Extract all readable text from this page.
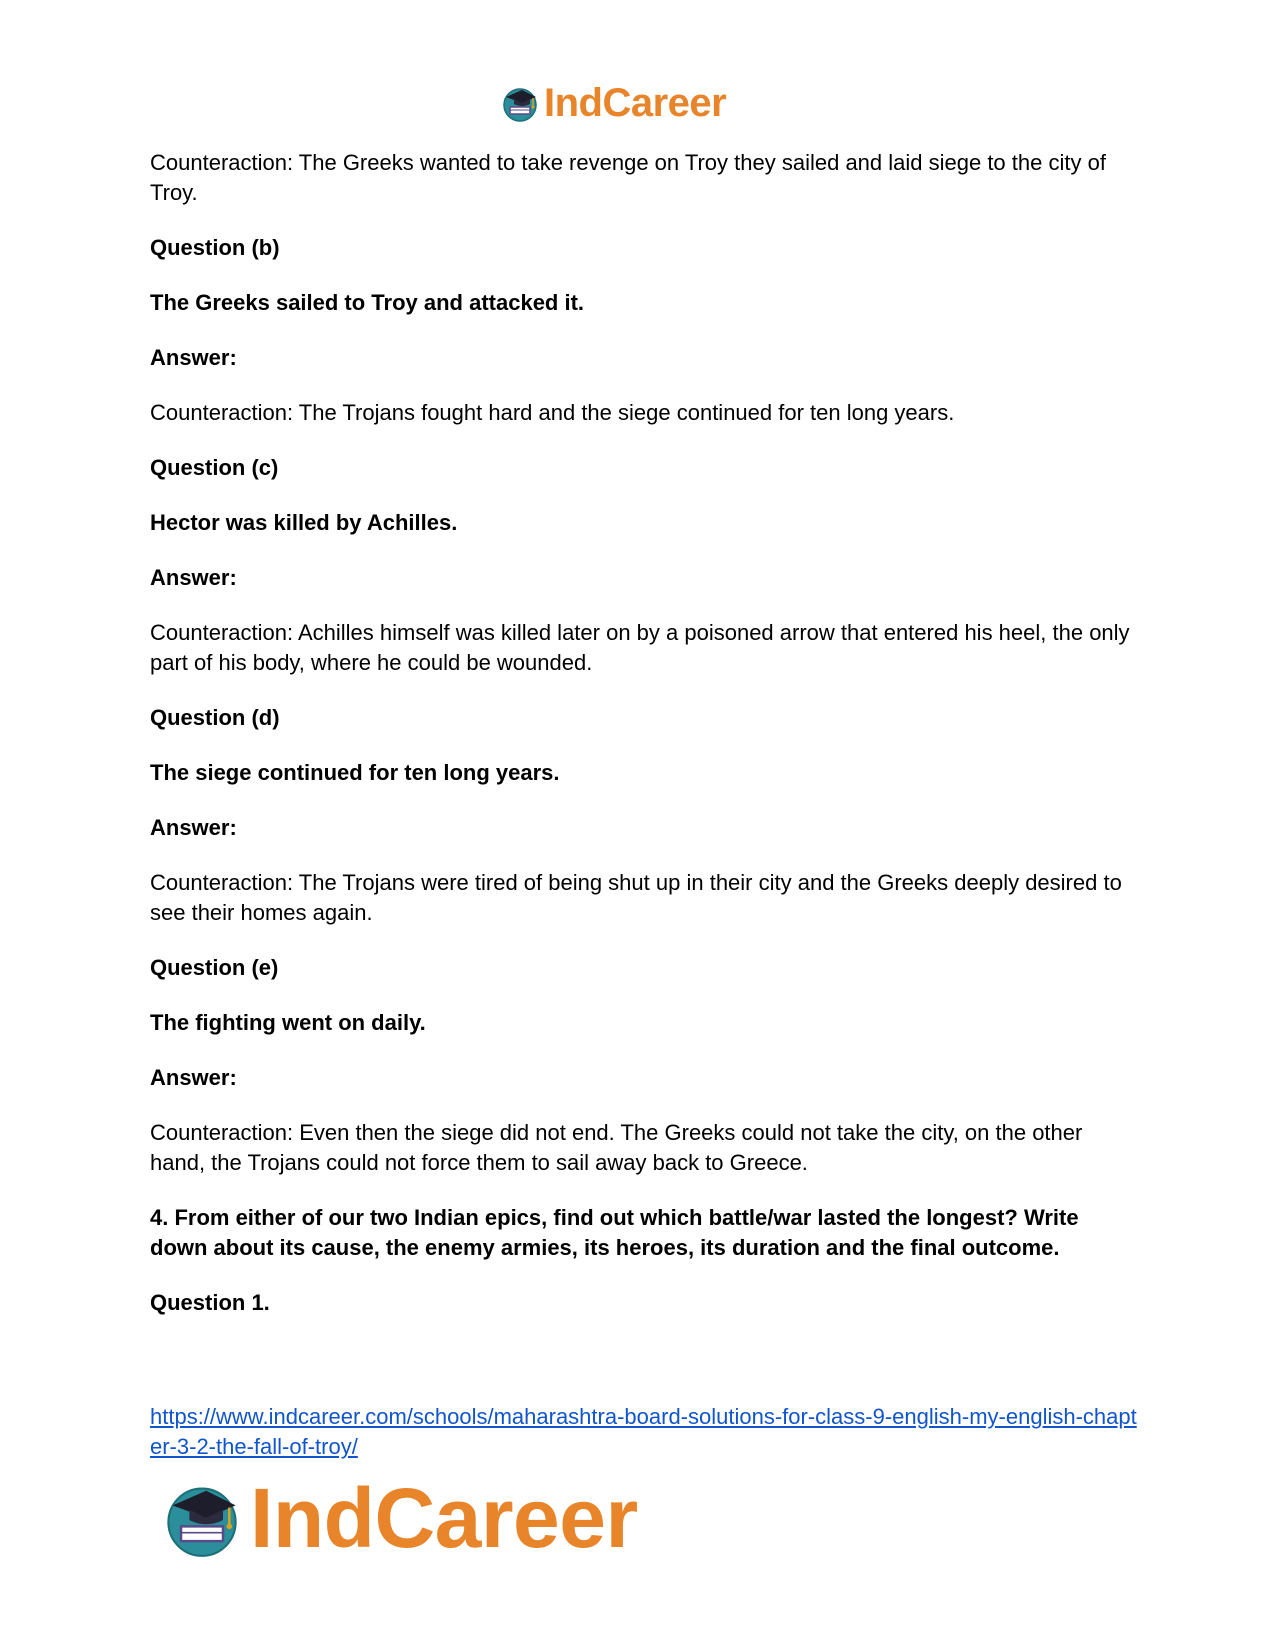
IndCareer

Counteraction: The Greeks wanted to take revenge on Troy they sailed and laid siege to the city of Troy.

Question (b)

The Greeks sailed to Troy and attacked it.

Answer:

Counteraction: The Trojans fought hard and the siege continued for ten long years.

Question (c)

Hector was killed by Achilles.

Answer:

Counteraction: Achilles himself was killed later on by a poisoned arrow that entered his heel, the only part of his body, where he could be wounded.

Question (d)

The siege continued for ten long years.

Answer:

Counteraction: The Trojans were tired of being shut up in their city and the Greeks deeply desired to see their homes again.

Question (e)

The fighting went on daily.

Answer:

Counteraction: Even then the siege did not end. The Greeks could not take the city, on the other hand, the Trojans could not force them to sail away back to Greece.

4. From either of our two Indian epics, find out which battle/war lasted the longest? Write down about its cause, the enemy armies, its heroes, its duration and the final outcome.

Question 1.

https://www.indcareer.com/schools/maharashtra-board-solutions-for-class-9-english-my-english-chapter-3-2-the-fall-of-troy/
IndCareer
